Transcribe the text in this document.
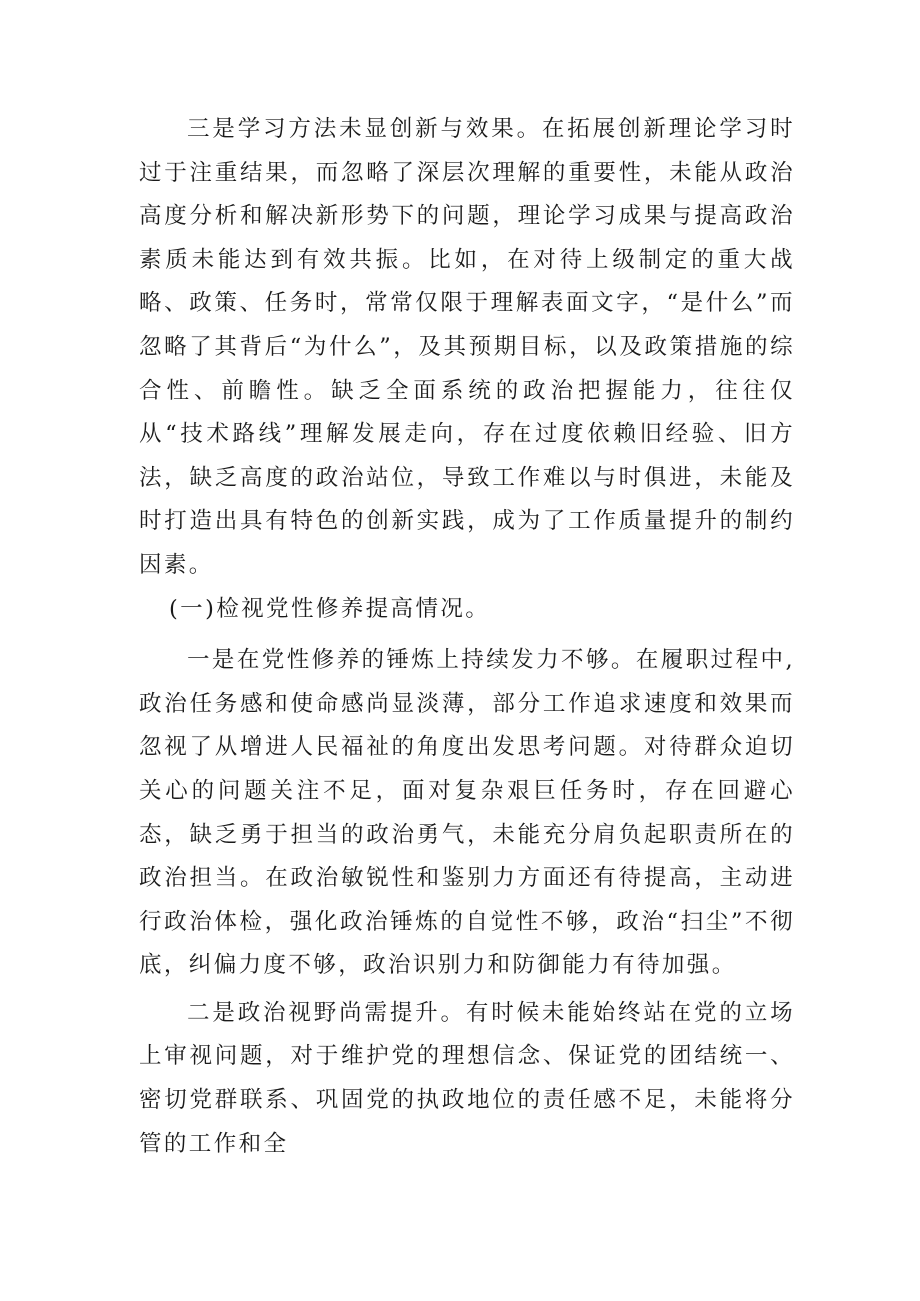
三是学习方法未显创新与效果。在拓展创新理论学习时过于注重结果，而忽略了深层次理解的重要性，未能从政治高度分析和解决新形势下的问题，理论学习成果与提高政治素质未能达到有效共振。比如，在对待上级制定的重大战略、政策、任务时，常常仅限于理解表面文字，“是什么”而忽略了其背后“为什么”，及其预期目标，以及政策措施的综合性、前瞻性。缺乏全面系统的政治把握能力，往往仅从“技术路线”理解发展走向，存在过度依赖旧经验、旧方法，缺乏高度的政治站位，导致工作难以与时俱进，未能及时打造出具有特色的创新实践，成为了工作质量提升的制约因素。

(一)检视党性修养提高情况。

一是在党性修养的锤炼上持续发力不够。在履职过程中,政治任务感和使命感尚显淡薄，部分工作追求速度和效果而忽视了从增进人民福祉的角度出发思考问题。对待群众迫切关心的问题关注不足，面对复杂艰巨任务时，存在回避心态，缺乏勇于担当的政治勇气，未能充分肩负起职责所在的政治担当。在政治敏锐性和鉴别力方面还有待提高，主动进行政治体检，强化政治锤炼的自觉性不够，政治“扫尘”不彻底，纠偏力度不够，政治识别力和防御能力有待加强。

二是政治视野尚需提升。有时候未能始终站在党的立场上审视问题，对于维护党的理想信念、保证党的团结统一、密切党群联系、巩固党的执政地位的责任感不足，未能将分管的工作和全
